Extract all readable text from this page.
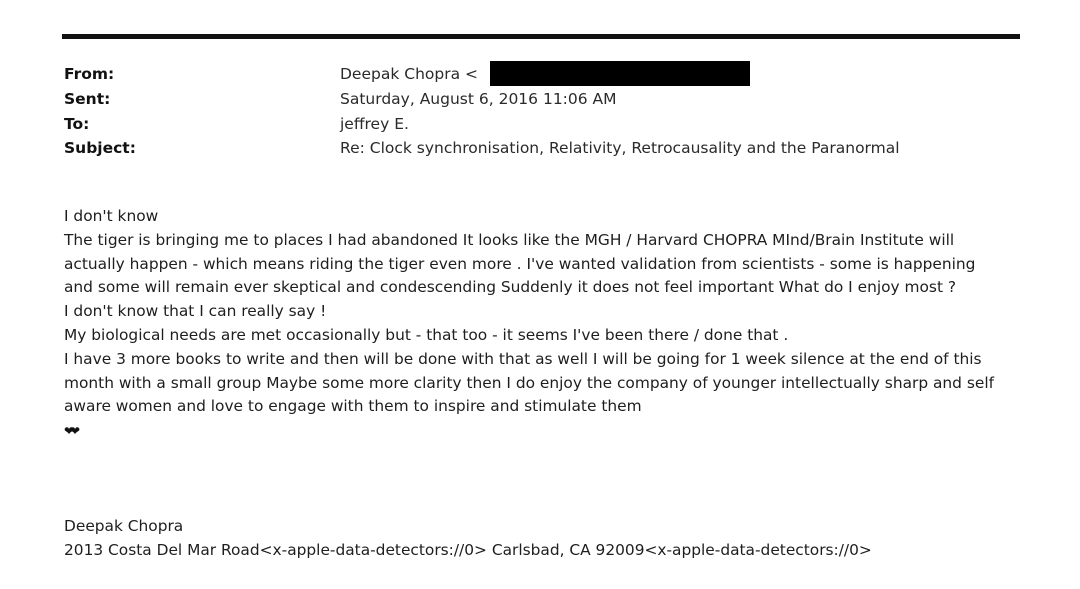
From:	Deepak Chopra <
Sent:	Saturday, August 6, 2016 11:06 AM
To:	jeffrey E.
Subject:	Re: Clock synchronisation, Relativity, Retrocausality and the Paranormal

I don't know

The tiger is bringing me to places I had abandoned It looks like the MGH / Harvard CHOPRA MInd/Brain Institute will

actually happen - which means riding the tiger even more . I've wanted validation from scientists - some is happening

and some will remain ever skeptical and condescending Suddenly it does not feel important What do I enjoy most ?

I don't know that I can really say !

My biological needs are met occasionally but - that too - it seems I've been there / done that .

I have 3 more books to write and then will be done with that as well I will be going for 1 week silence at the end of this

month with a small group Maybe some more clarity then I do enjoy the company of younger intellectually sharp and self

aware women and love to engage with them to inspire and stimulate them

❤❤

Deepak Chopra
2013 Costa Del Mar Road<x-apple-data-detectors://0> Carlsbad, CA 92009<x-apple-data-detectors://0>
